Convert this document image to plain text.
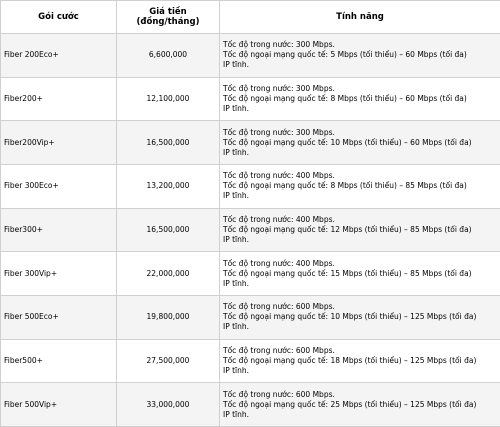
Gói cước	Giá tiền (đồng/tháng)	Tính năng
Fiber 200Eco+	6,600,000	Tốc độ trong nước: 300 Mbps.
Tốc độ ngoại mạng quốc tế: 5 Mbps (tối thiểu) – 60 Mbps (tối đa)
IP tĩnh.

Fiber200+	12,100,000	Tốc độ trong nước: 300 Mbps.
Tốc độ ngoại mạng quốc tế: 8 Mbps (tối thiểu) – 60 Mbps (tối đa)
IP tĩnh.

Fiber200Vip+	16,500,000	Tốc độ trong nước: 300 Mbps.
Tốc độ ngoại mạng quốc tế: 10 Mbps (tối thiểu) – 60 Mbps (tối đa)
IP tĩnh.

Fiber 300Eco+	13,200,000	Tốc độ trong nước: 400 Mbps.
Tốc độ ngoại mạng quốc tế: 8 Mbps (tối thiểu) – 85 Mbps (tối đa)
IP tĩnh.

Fiber300+	16,500,000	Tốc độ trong nước: 400 Mbps.
Tốc độ ngoại mạng quốc tế: 12 Mbps (tối thiểu) – 85 Mbps (tối đa)
IP tĩnh.

Fiber 300Vip+	22,000,000	Tốc độ trong nước: 400 Mbps.
Tốc độ ngoại mạng quốc tế: 15 Mbps (tối thiểu) – 85 Mbps (tối đa)
IP tĩnh.

Fiber 500Eco+	19,800,000	Tốc độ trong nước: 600 Mbps.
Tốc độ ngoại mạng quốc tế: 10 Mbps (tối thiểu) – 125 Mbps (tối đa)
IP tĩnh.

Fiber500+	27,500,000	Tốc độ trong nước: 600 Mbps.
Tốc độ ngoại mạng quốc tế: 18 Mbps (tối thiểu) – 125 Mbps (tối đa)
IP tĩnh.

Fiber 500Vip+	33,000,000	Tốc độ trong nước: 600 Mbps.
Tốc độ ngoại mạng quốc tế: 25 Mbps (tối thiểu) – 125 Mbps (tối đa)
IP tĩnh.
